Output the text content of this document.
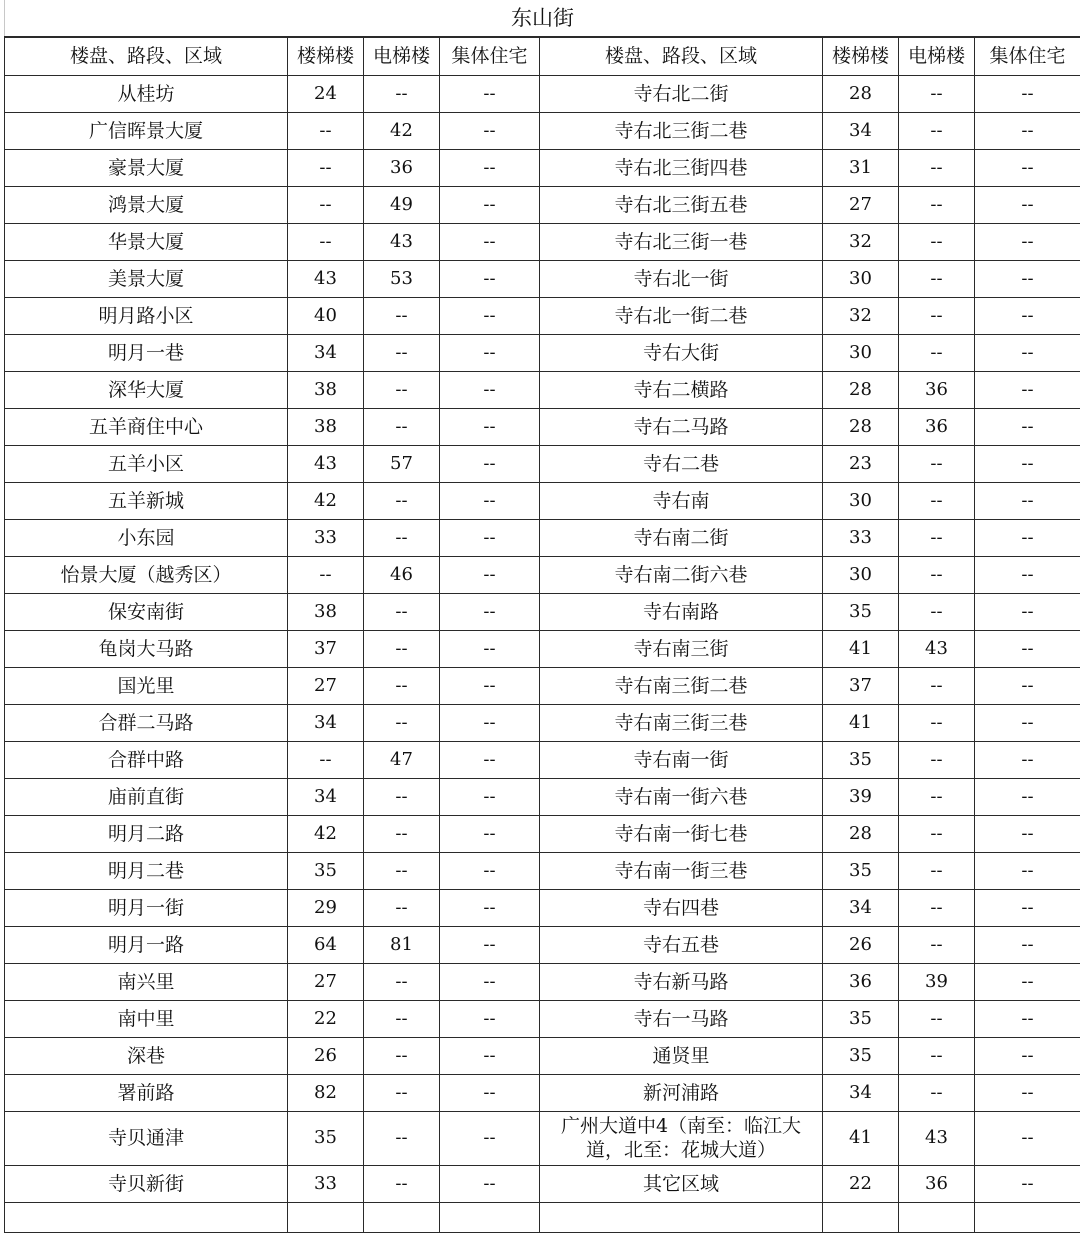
东山街							
楼盘、路段、区域	楼梯楼	电梯楼	集体住宅	楼盘、路段、区域	楼梯楼	电梯楼	集体住宅
从桂坊	24	--	--	寺右北二街	28	--	--
广信晖景大厦	--	42	--	寺右北三街二巷	34	--	--
豪景大厦	--	36	--	寺右北三街四巷	31	--	--
鸿景大厦	--	49	--	寺右北三街五巷	27	--	--
华景大厦	--	43	--	寺右北三街一巷	32	--	--
美景大厦	43	53	--	寺右北一街	30	--	--
明月路小区	40	--	--	寺右北一街二巷	32	--	--
明月一巷	34	--	--	寺右大街	30	--	--
深华大厦	38	--	--	寺右二横路	28	36	--
五羊商住中心	38	--	--	寺右二马路	28	36	--
五羊小区	43	57	--	寺右二巷	23	--	--
五羊新城	42	--	--	寺右南	30	--	--
小东园	33	--	--	寺右南二街	33	--	--
怡景大厦（越秀区）	--	46	--	寺右南二街六巷	30	--	--
保安南街	38	--	--	寺右南路	35	--	--
龟岗大马路	37	--	--	寺右南三街	41	43	--
国光里	27	--	--	寺右南三街二巷	37	--	--
合群二马路	34	--	--	寺右南三街三巷	41	--	--
合群中路	--	47	--	寺右南一街	35	--	--
庙前直街	34	--	--	寺右南一街六巷	39	--	--
明月二路	42	--	--	寺右南一街七巷	28	--	--
明月二巷	35	--	--	寺右南一街三巷	35	--	--
明月一街	29	--	--	寺右四巷	34	--	--
明月一路	64	81	--	寺右五巷	26	--	--
南兴里	27	--	--	寺右新马路	36	39	--
南中里	22	--	--	寺右一马路	35	--	--
深巷	26	--	--	通贤里	35	--	--
署前路	82	--	--	新河浦路	34	--	--
寺贝通津	35	--	--	广州大道中4（南至：临江大道，北至：花城大道）	41	43	--
寺贝新街	33	--	--	其它区域	22	36	--
